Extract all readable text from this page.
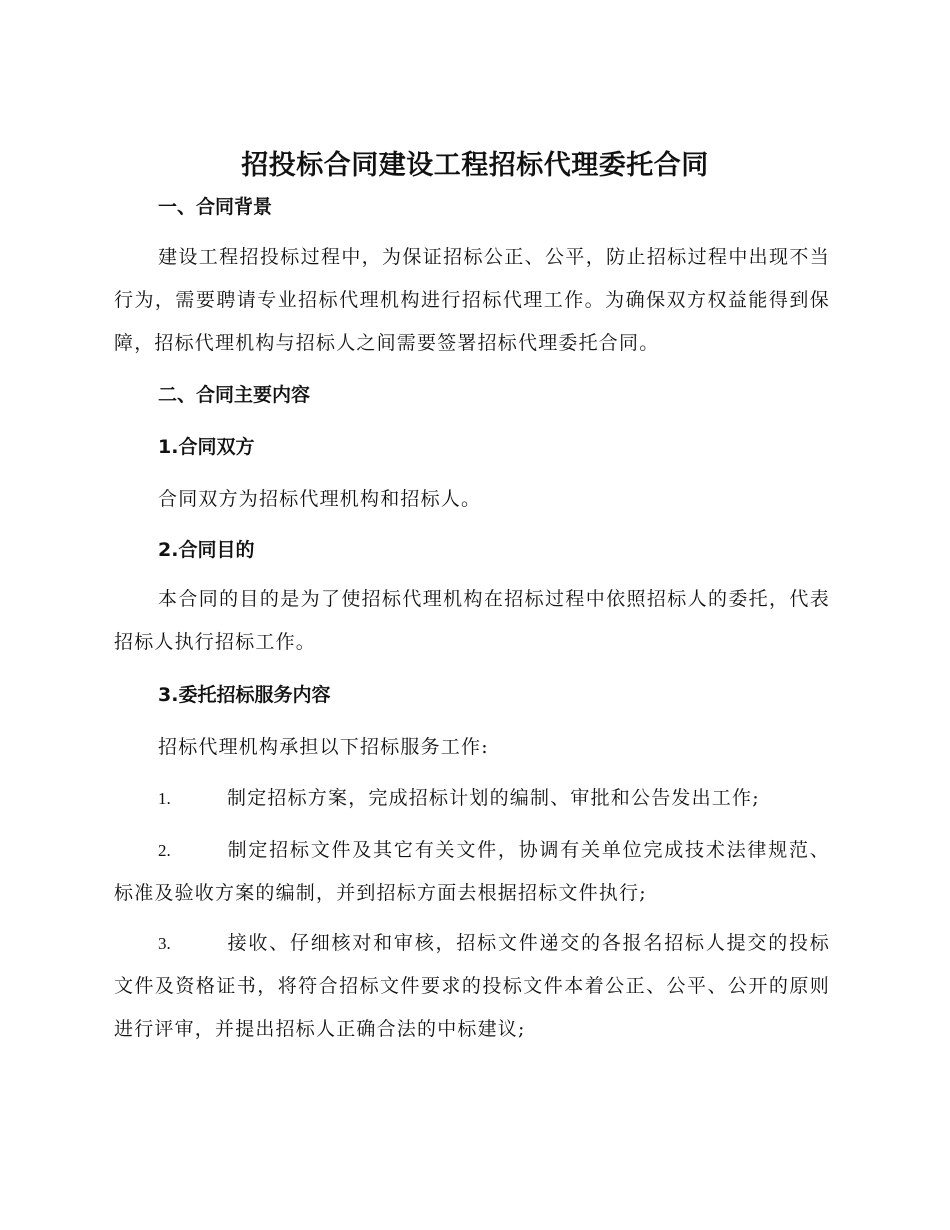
招投标合同建设工程招标代理委托合同
一、合同背景

建设工程招投标过程中，为保证招标公正、公平，防止招标过程中出现不当行为，需要聘请专业招标代理机构进行招标代理工作。为确保双方权益能得到保障，招标代理机构与招标人之间需要签署招标代理委托合同。

二、合同主要内容
1.合同双方

合同双方为招标代理机构和招标人。

2.合同目的

本合同的目的是为了使招标代理机构在招标过程中依照招标人的委托，代表招标人执行招标工作。

3.委托招标服务内容

招标代理机构承担以下招标服务工作:

1.	制定招标方案，完成招标计划的编制、审批和公告发出工作;

2.	制定招标文件及其它有关文件，协调有关单位完成技术法律规范、标准及验收方案的编制，并到招标方面去根据招标文件执行;

3.	接收、仔细核对和审核，招标文件递交的各报名招标人提交的投标文件及资格证书，将符合招标文件要求的投标文件本着公正、公平、公开的原则进行评审，并提出招标人正确合法的中标建议;
